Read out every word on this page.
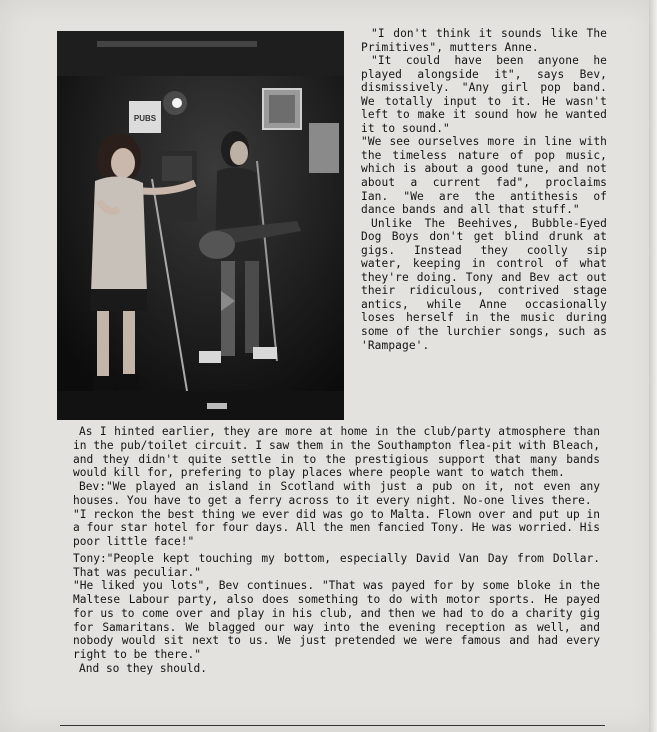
PUBS

"I don't think it sounds like The Primitives", mutters Anne.

"It could have been anyone he played alongside it", says Bev, dismissively. "Any girl pop band. We totally input to it. He wasn't left to make it sound how he wanted it to sound."

"We see ourselves more in line with the timeless nature of pop music, which is about a good tune, and not about a current fad", proclaims Ian. "We are the antithesis of dance bands and all that stuff."

Unlike The Beehives, Bubble-Eyed Dog Boys don't get blind drunk at gigs. Instead they coolly sip water, keeping in control of what they're doing. Tony and Bev act out their ridiculous, contrived stage antics, while Anne occasionally loses herself in the music during some of the lurchier songs, such as 'Rampage'.

As I hinted earlier, they are more at home in the club/party atmosphere than in the pub/toilet circuit. I saw them in the Southampton flea-pit with Bleach, and they didn't quite settle in to the prestigious support that many bands would kill for, prefering to play places where people want to watch them.

Bev:"We played an island in Scotland with just a pub on it, not even any houses. You have to get a ferry across to it every night. No-one lives there.

"I reckon the best thing we ever did was go to Malta. Flown over and put up in a four star hotel for four days. All the men fancied Tony. He was worried. His poor little face!"

Tony:"People kept touching my bottom, especially David Van Day from Dollar. That was peculiar."

"He liked you lots", Bev continues. "That was payed for by some bloke in the Maltese Labour party, also does something to do with motor sports. He payed for us to come over and play in his club, and then we had to do a charity gig for Samaritans. We blagged our way into the evening reception as well, and nobody would sit next to us. We just pretended we were famous and had every right to be there."

And so they should.
